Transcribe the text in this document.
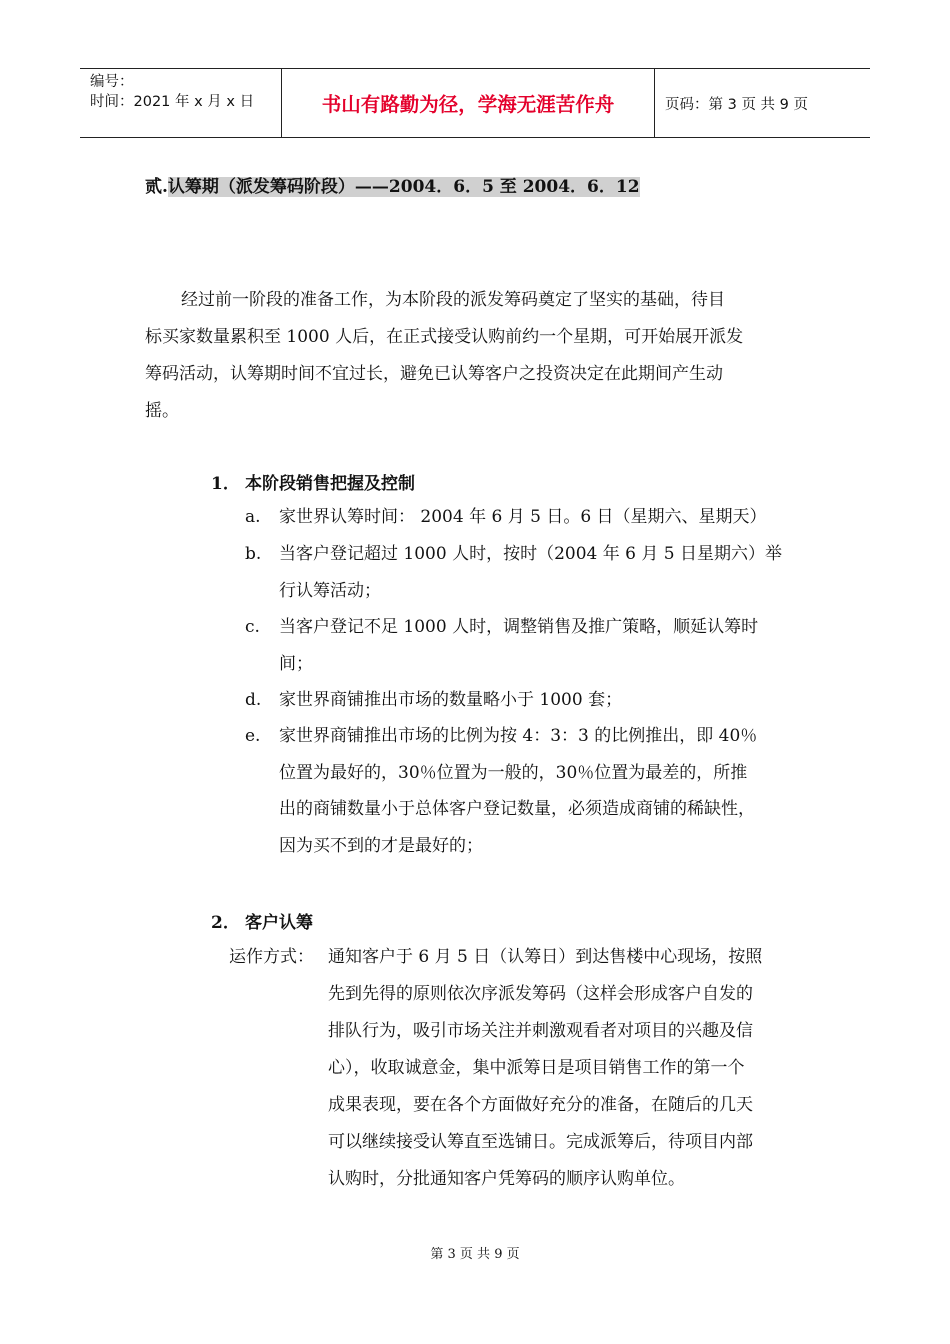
编号：
时间：2021 年 x 月 x 日	书山有路勤为径，学海无涯苦作舟	页码：第 3 页 共 9 页
贰.认筹期（派发筹码阶段）——2004．6．5 至 2004．6．12
经过前一阶段的准备工作，为本阶段的派发筹码奠定了坚实的基础，待目
标买家数量累积至 1000 人后，在正式接受认购前约一个星期，可开始展开派发
筹码活动，认筹期时间不宜过长，避免已认筹客户之投资决定在此期间产生动
摇。
1． 本阶段销售把握及控制
a.	家世界认筹时间： 2004 年 6 月 5 日。6 日（星期六、星期天）
b.	当客户登记超过 1000 人时，按时（2004 年 6 月 5 日星期六）举
行认筹活动；
c.	当客户登记不足 1000 人时，调整销售及推广策略，顺延认筹时
间；
d.	家世界商铺推出市场的数量略小于 1000 套；
e.	家世界商铺推出市场的比例为按 4：3：3 的比例推出，即 40％
位置为最好的，30％位置为一般的，30％位置为最差的，所推
出的商铺数量小于总体客户登记数量，必须造成商铺的稀缺性，
因为买不到的才是最好的；
2． 客户认筹
运作方式： 通知客户于 6 月 5 日（认筹日）到达售楼中心现场，按照
先到先得的原则依次序派发筹码（这样会形成客户自发的
排队行为，吸引市场关注并刺激观看者对项目的兴趣及信
心），收取诚意金，集中派筹日是项目销售工作的第一个
成果表现，要在各个方面做好充分的准备，在随后的几天
可以继续接受认筹直至选铺日。完成派筹后，待项目内部
认购时，分批通知客户凭筹码的顺序认购单位。
第 3 页 共 9 页
